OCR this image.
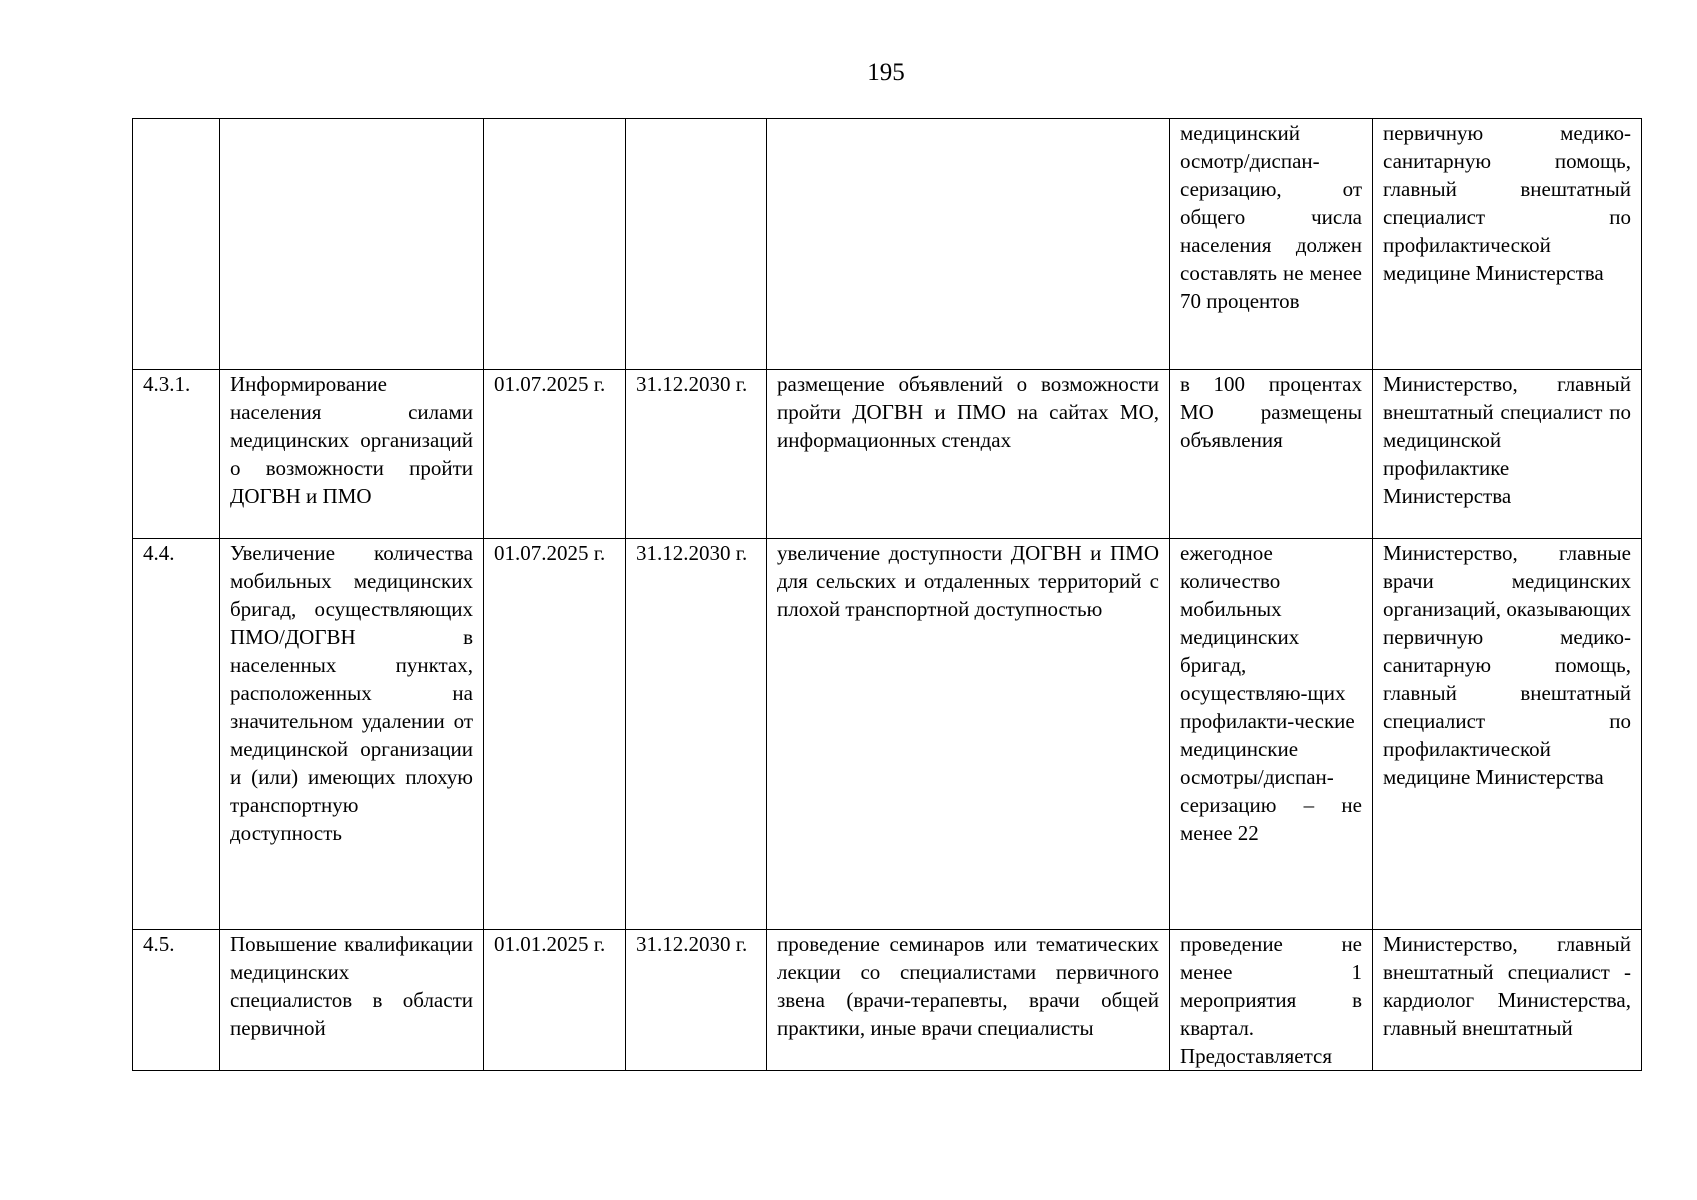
195
					медицинский осмотр/диспан-серизацию, от общего числа населения должен составлять не менее 70 процентов	первичную медико-санитарную помощь, главный внештатный специалист по профилактической медицине Министерства
4.3.1.	Информирование населения силами медицинских организаций о возможности пройти ДОГВН и ПМО	01.07.2025 г.	31.12.2030 г.	размещение объявлений о возможности пройти ДОГВН и ПМО на сайтах МО, информационных стендах	в 100 процентах МО размещены объявления	Министерство, главный внештатный специалист по медицинской профилактике Министерства
4.4.	Увеличение количества мобильных медицинских бригад, осуществляющих ПМО/ДОГВН в населенных пунктах, расположенных на значительном удалении от медицинской организации и (или) имеющих плохую транспортную доступность	01.07.2025 г.	31.12.2030 г.	увеличение доступности ДОГВН и ПМО для сельских и отдаленных территорий с плохой транспортной доступностью	ежегодное количество мобильных медицинских бригад, осуществляю-щих профилакти-ческие медицинские осмотры/диспан-серизацию – не менее 22	Министерство, главные врачи медицинских организаций, оказывающих первичную медико-санитарную помощь, главный внештатный специалист по профилактической медицине Министерства
4.5.	Повышение квалификации медицинских специалистов в области первичной	01.01.2025 г.	31.12.2030 г.	проведение семинаров или тематических лекции со специалистами первичного звена (врачи-терапевты, врачи общей практики, иные врачи специалисты	проведение не менее 1 мероприятия в квартал. Предоставляется	Министерство, главный внештатный специалист - кардиолог Министерства, главный внештатный
